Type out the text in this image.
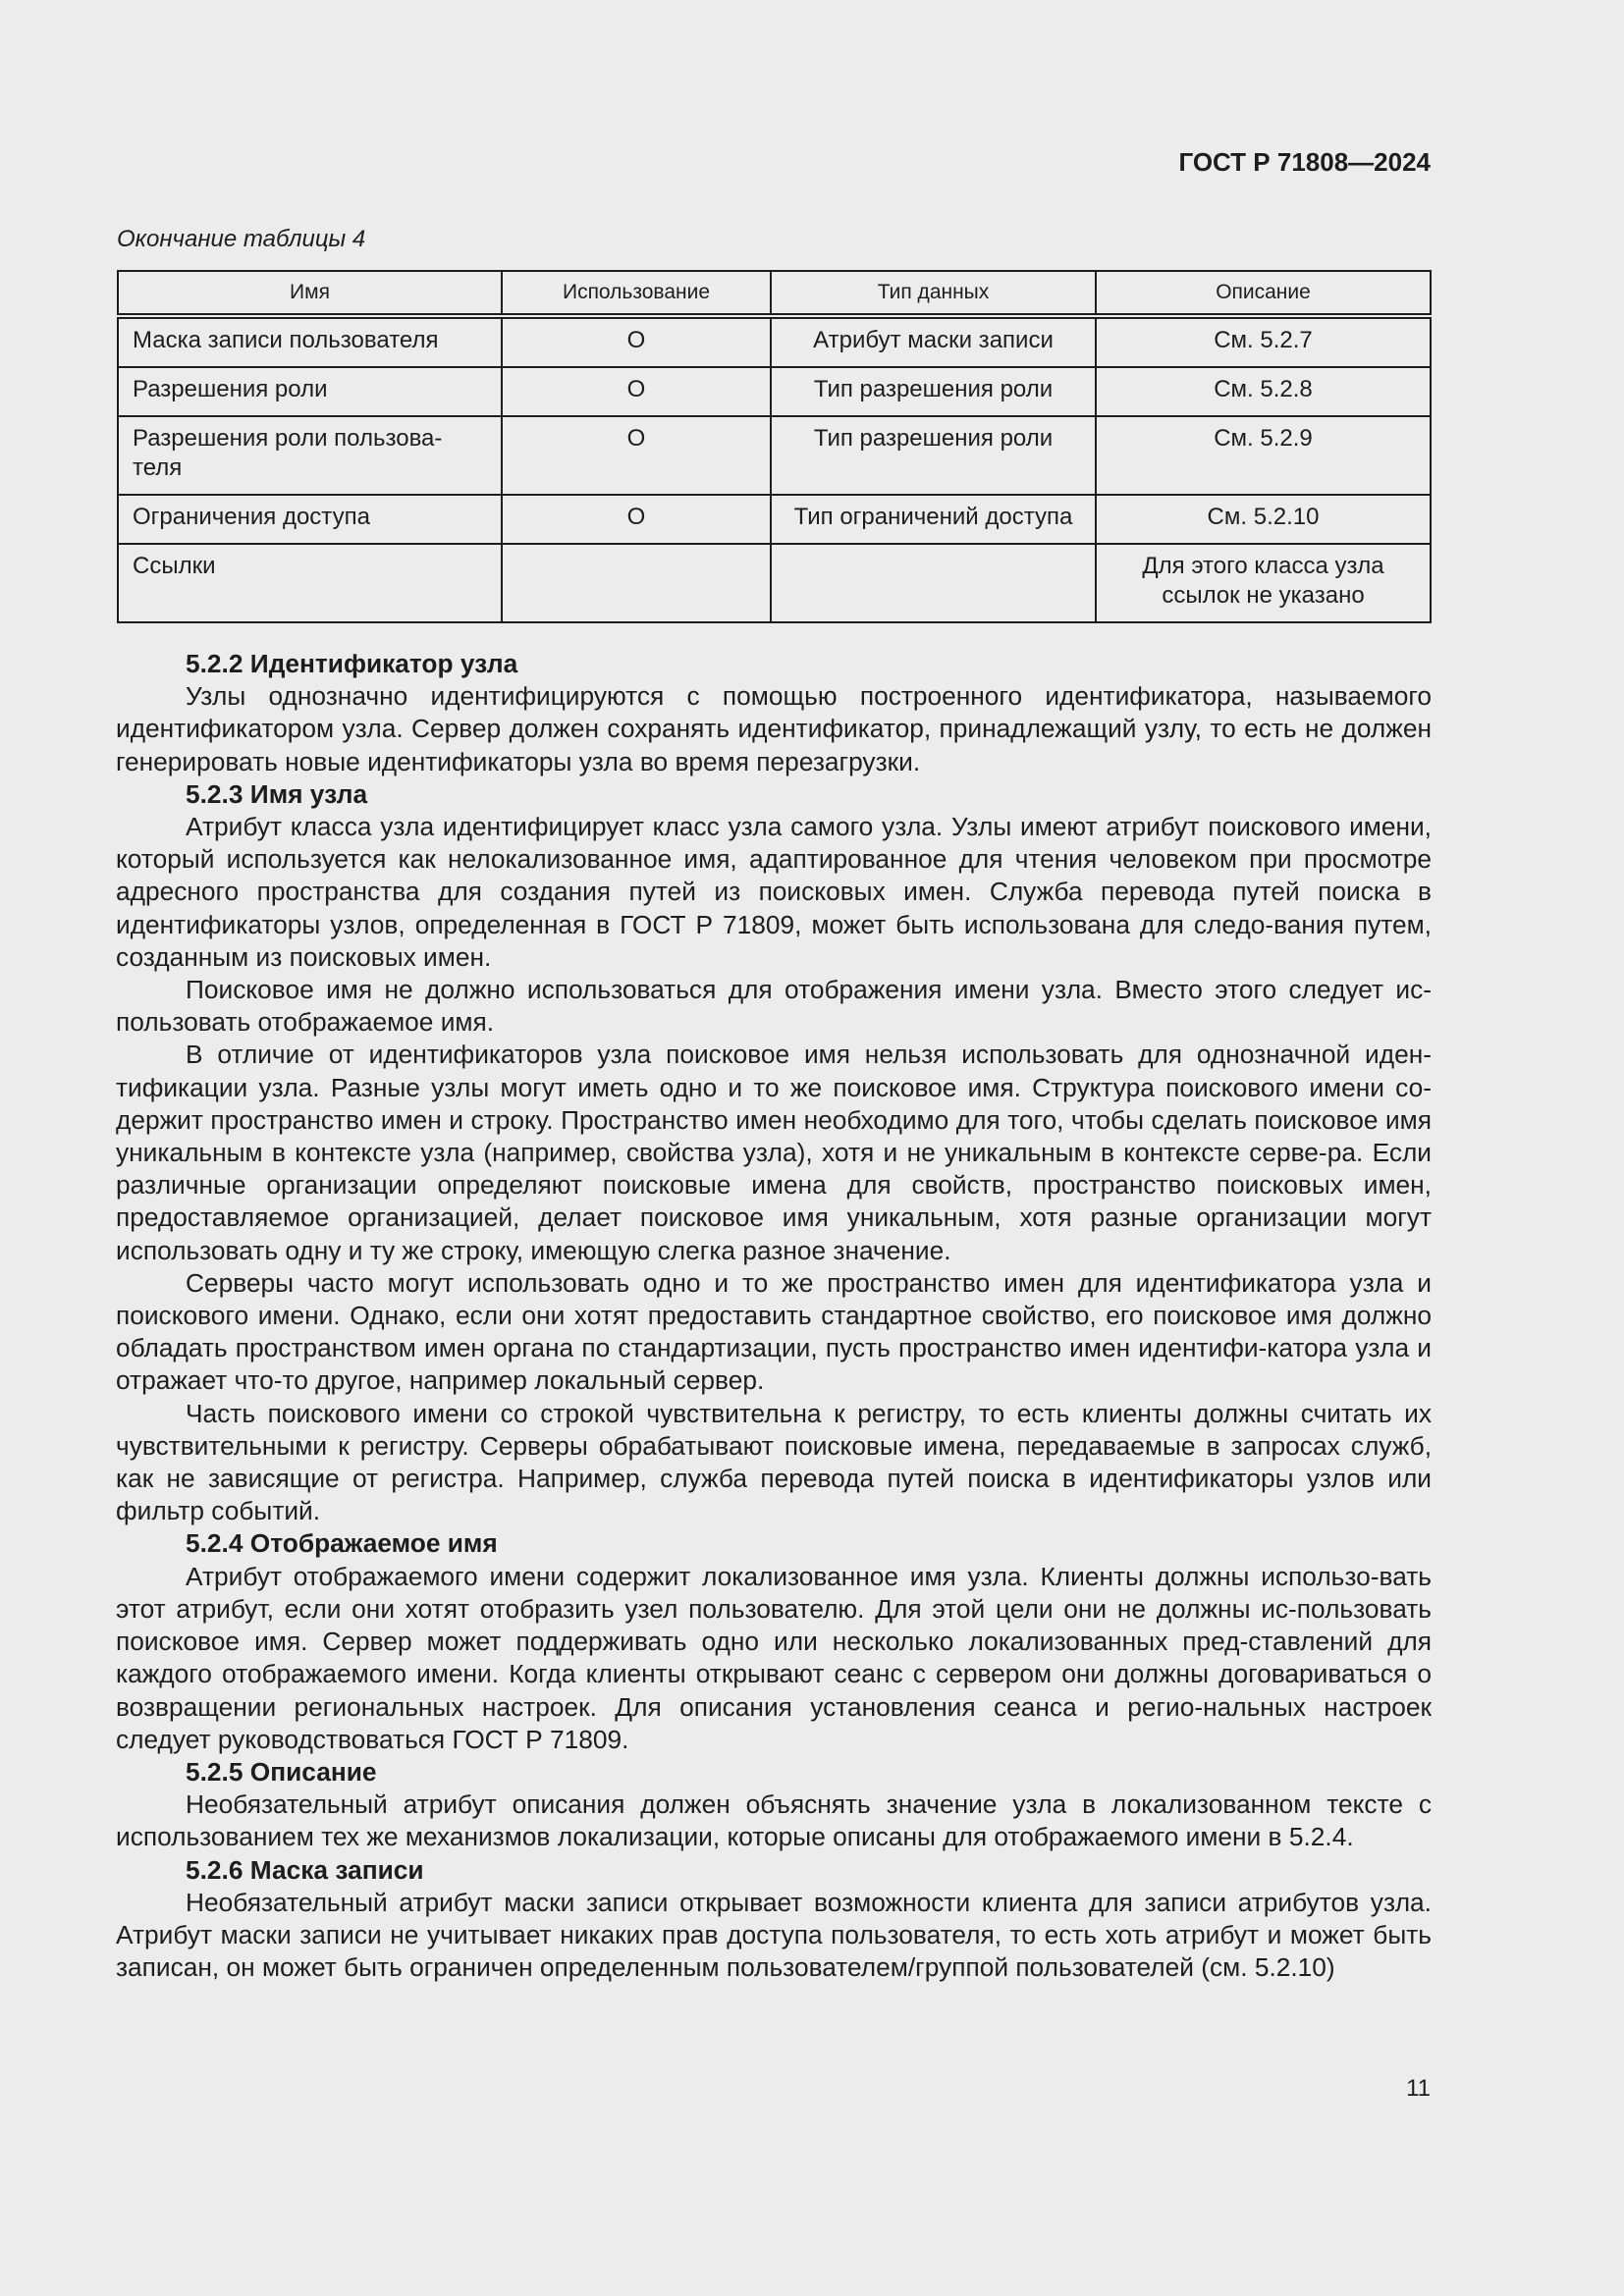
ГОСТ Р 71808—2024
Окончание таблицы 4
Имя	Использование	Тип данных	Описание
Маска записи пользователя	O	Атрибут маски записи	См. 5.2.7
Разрешения роли	O	Тип разрешения роли	См. 5.2.8
Разрешения роли пользова-теля	O	Тип разрешения роли	См. 5.2.9
Ограничения доступа	O	Тип ограничений доступа	См. 5.2.10
Ссылки			Для этого класса узла ссылок не указано
5.2.2 Идентификатор узла

Узлы однозначно идентифицируются с помощью построенного идентификатора, называемого идентификатором узла. Сервер должен сохранять идентификатор, принадлежащий узлу, то есть не должен генерировать новые идентификаторы узла во время перезагрузки.

5.2.3 Имя узла

Атрибут класса узла идентифицирует класс узла самого узла. Узлы имеют атрибут поискового имени, который используется как нелокализованное имя, адаптированное для чтения человеком при просмотре адресного пространства для создания путей из поисковых имен. Служба перевода путей поиска в идентификаторы узлов, определенная в ГОСТ Р 71809, может быть использована для следо-вания путем, созданным из поисковых имен.

Поисковое имя не должно использоваться для отображения имени узла. Вместо этого следует ис-пользовать отображаемое имя.

В отличие от идентификаторов узла поисковое имя нельзя использовать для однозначной иден-тификации узла. Разные узлы могут иметь одно и то же поисковое имя. Структура поискового имени со-держит пространство имен и строку. Пространство имен необходимо для того, чтобы сделать поисковое имя уникальным в контексте узла (например, свойства узла), хотя и не уникальным в контексте серве-ра. Если различные организации определяют поисковые имена для свойств, пространство поисковых имен, предоставляемое организацией, делает поисковое имя уникальным, хотя разные организации могут использовать одну и ту же строку, имеющую слегка разное значение.

Серверы часто могут использовать одно и то же пространство имен для идентификатора узла и поискового имени. Однако, если они хотят предоставить стандартное свойство, его поисковое имя должно обладать пространством имен органа по стандартизации, пусть пространство имен идентифи-катора узла и отражает что-то другое, например локальный сервер.

Часть поискового имени со строкой чувствительна к регистру, то есть клиенты должны считать их чувствительными к регистру. Серверы обрабатывают поисковые имена, передаваемые в запросах служб, как не зависящие от регистра. Например, служба перевода путей поиска в идентификаторы узлов или фильтр событий.

5.2.4 Отображаемое имя

Атрибут отображаемого имени содержит локализованное имя узла. Клиенты должны использо-вать этот атрибут, если они хотят отобразить узел пользователю. Для этой цели они не должны ис-пользовать поисковое имя. Сервер может поддерживать одно или несколько локализованных пред-ставлений для каждого отображаемого имени. Когда клиенты открывают сеанс с сервером они должны договариваться о возвращении региональных настроек. Для описания установления сеанса и регио-нальных настроек следует руководствоваться ГОСТ Р 71809.

5.2.5 Описание

Необязательный атрибут описания должен объяснять значение узла в локализованном тексте с использованием тех же механизмов локализации, которые описаны для отображаемого имени в 5.2.4.

5.2.6 Маска записи

Необязательный атрибут маски записи открывает возможности клиента для записи атрибутов узла. Атрибут маски записи не учитывает никаких прав доступа пользователя, то есть хоть атрибут и может быть записан, он может быть ограничен определенным пользователем/группой пользователей (см. 5.2.10)

11
